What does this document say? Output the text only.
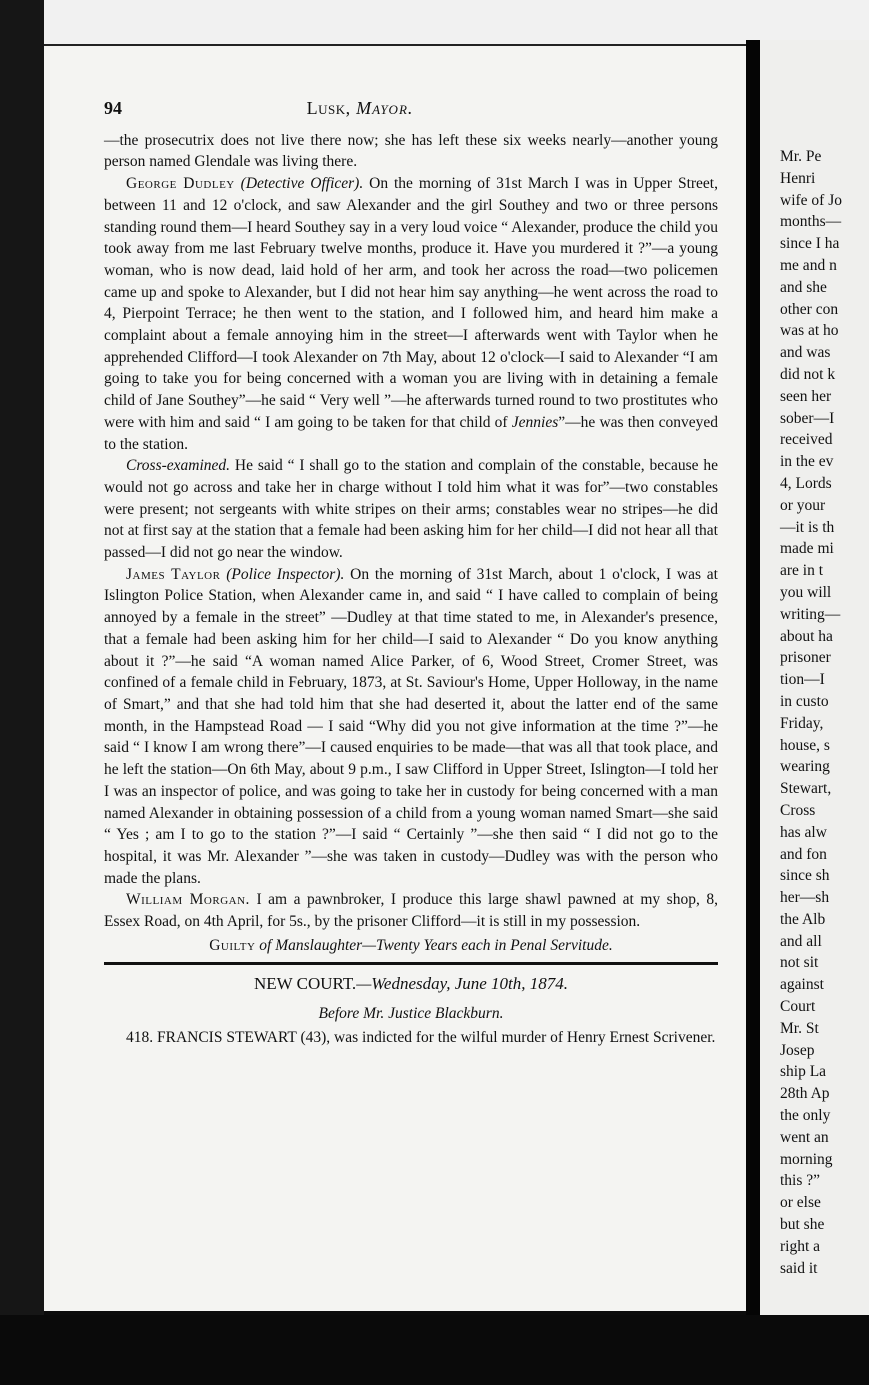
Mr. Pe
Henri
wife of Jo
months—
since I ha
me and n
and she
other con
was at ho
and was
did not k
seen her
sober—I
received
in the ev
4, Lords
or your
—it is th
made mi
are in t
you will
writing—
about ha
prisoner
tion—I
in custo
Friday,
house, s
wearing
Stewart,
Cross
has alw
and fon
since sh
her—sh
the Alb
and all
not sit
against
Court
Mr. St
Josep
ship La
28th Ap
the only
went an
morning
this ?”
or else
but she
right a
said it
94	Lusk, Mayor.

—the prosecutrix does not live there now; she has left these six weeks nearly—another young person named Glendale was living there.

George Dudley (Detective Officer). On the morning of 31st March I was in Upper Street, between 11 and 12 o'clock, and saw Alexander and the girl Southey and two or three persons standing round them—I heard Southey say in a very loud voice “ Alexander, produce the child you took away from me last February twelve months, produce it. Have you murdered it ?”—a young woman, who is now dead, laid hold of her arm, and took her across the road—two policemen came up and spoke to Alexander, but I did not hear him say anything—he went across the road to 4, Pierpoint Terrace; he then went to the station, and I followed him, and heard him make a complaint about a female annoying him in the street—I afterwards went with Taylor when he apprehended Clifford—I took Alexander on 7th May, about 12 o'clock—I said to Alexander “I am going to take you for being concerned with a woman you are living with in detaining a female child of Jane Southey”—he said “ Very well ”—he afterwards turned round to two prostitutes who were with him and said “ I am going to be taken for that child of Jennies”—he was then conveyed to the station.

Cross-examined. He said “ I shall go to the station and complain of the constable, because he would not go across and take her in charge without I told him what it was for”—two constables were present; not sergeants with white stripes on their arms; constables wear no stripes—he did not at first say at the station that a female had been asking him for her child—I did not hear all that passed—I did not go near the window.

James Taylor (Police Inspector). On the morning of 31st March, about 1 o'clock, I was at Islington Police Station, when Alexander came in, and said “ I have called to complain of being annoyed by a female in the street” —Dudley at that time stated to me, in Alexander's presence, that a female had been asking him for her child—I said to Alexander “ Do you know anything about it ?”—he said “A woman named Alice Parker, of 6, Wood Street, Cromer Street, was confined of a female child in February, 1873, at St. Saviour's Home, Upper Holloway, in the name of Smart,” and that she had told him that she had deserted it, about the latter end of the same month, in the Hampstead Road — I said “Why did you not give information at the time ?”—he said “ I know I am wrong there”—I caused enquiries to be made—that was all that took place, and he left the station—On 6th May, about 9 p.m., I saw Clifford in Upper Street, Islington—I told her I was an inspector of police, and was going to take her in custody for being concerned with a man named Alexander in obtaining possession of a child from a young woman named Smart—she said “ Yes ; am I to go to the station ?”—I said “ Certainly ”—she then said “ I did not go to the hospital, it was Mr. Alexander ”—she was taken in custody—Dudley was with the person who made the plans.

William Morgan. I am a pawnbroker, I produce this large shawl pawned at my shop, 8, Essex Road, on 4th April, for 5s., by the prisoner Clifford—it is still in my possession.

Guilty of Manslaughter—Twenty Years each in Penal Servitude.

NEW COURT.—Wednesday, June 10th, 1874.

Before Mr. Justice Blackburn.

418. FRANCIS STEWART (43), was indicted for the wilful murder of Henry Ernest Scrivener.
